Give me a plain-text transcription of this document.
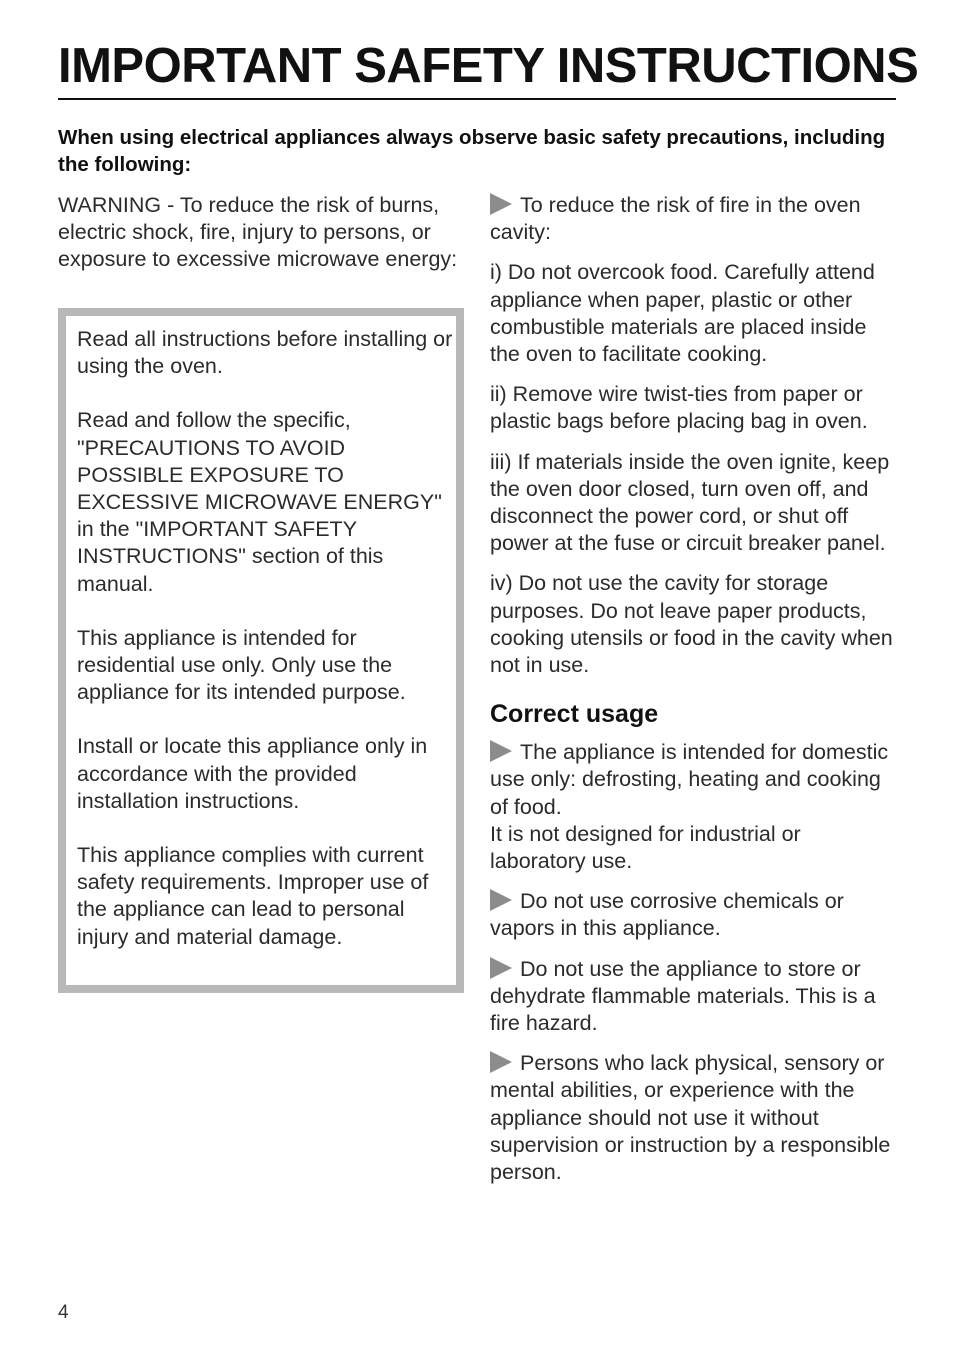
IMPORTANT SAFETY INSTRUCTIONS
When using electrical appliances always observe basic safety precautions, including the following:

WARNING - To reduce the risk of burns, electric shock, fire, injury to persons, or exposure to excessive microwave energy:

Read all instructions before installing or using the oven.

Read and follow the specific, "PRECAUTIONS TO AVOID POSSIBLE EXPOSURE TO EXCESSIVE MICROWAVE ENERGY" in the "IMPORTANT SAFETY INSTRUCTIONS" section of this manual.

This appliance is intended for residential use only. Only use the appliance for its intended purpose.

Install or locate this appliance only in accordance with the provided installation instructions.

This appliance complies with current safety requirements. Improper use of the appliance can lead to personal injury and material damage.

To reduce the risk of fire in the oven cavity:

i) Do not overcook food. Carefully attend appliance when paper, plastic or other combustible materials are placed inside the oven to facilitate cooking.

ii) Remove wire twist-ties from paper or plastic bags before placing bag in oven.

iii) If materials inside the oven ignite, keep the oven door closed, turn oven off, and disconnect the power cord, or shut off power at the fuse or circuit breaker panel.

iv) Do not use the cavity for storage purposes. Do not leave paper products, cooking utensils or food in the cavity when not in use.

Correct usage

The appliance is intended for domestic use only: defrosting, heating and cooking of food.
It is not designed for industrial or laboratory use.

Do not use corrosive chemicals or vapors in this appliance.

Do not use the appliance to store or dehydrate flammable materials. This is a fire hazard.

Persons who lack physical, sensory or mental abilities, or experience with the appliance should not use it without supervision or instruction by a responsible person.

4
